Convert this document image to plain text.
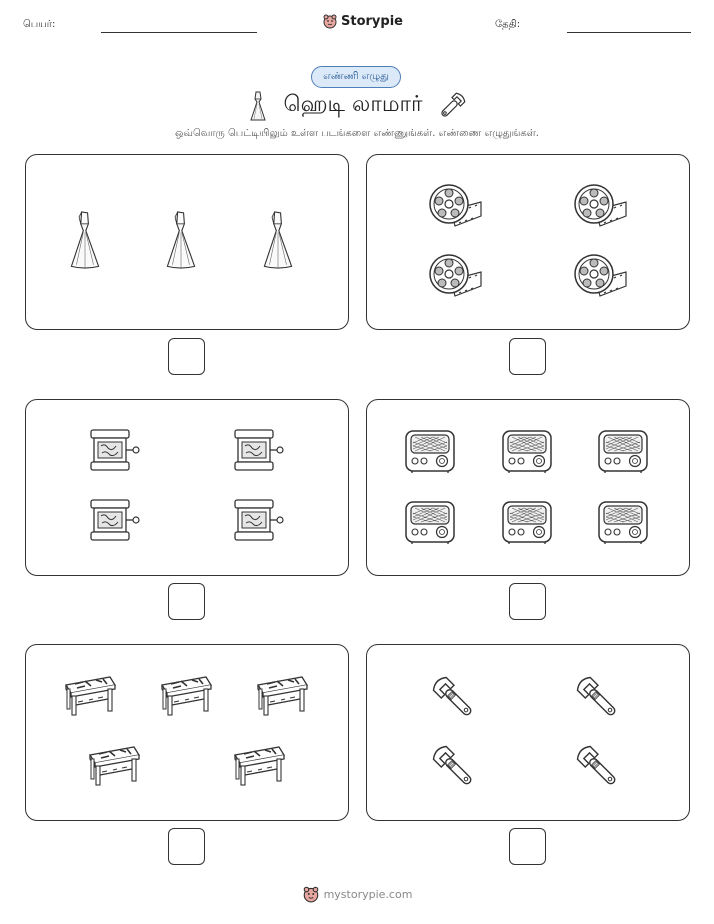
பெயர்:	Storypie	தேதி:
எண்ணி எழுது
ஹெடி லாமார்
ஒவ்வொரு பெட்டியிலும் உள்ள படங்களை எண்ணுங்கள். எண்ணை எழுதுங்கள்.
mystorypie.com
